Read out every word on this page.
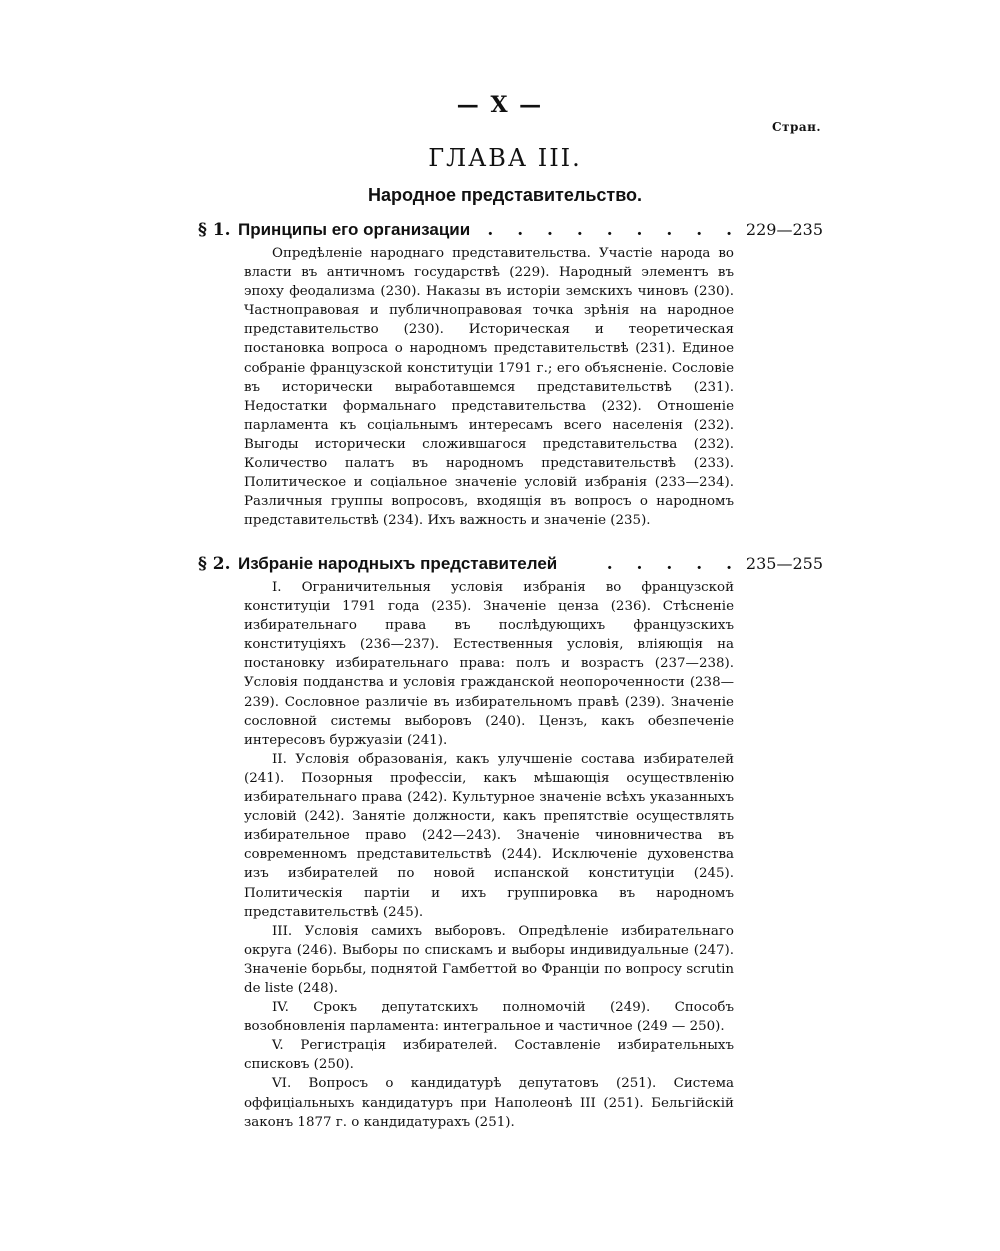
— X —
Стран.
ГЛАВА III.
Народное представительство.
§ 1. Принципы его организации . . . . . . . . . 229—235

Опредѣленіе народнаго представительства. Участіе народа во власти въ античномъ государствѣ (229). Народный элементъ въ эпоху феодализма (230). Наказы въ исторіи земскихъ чиновъ (230). Частноправовая и публичноправовая точка зрѣнія на народное представительство (230). Историческая и теоретическая постановка вопроса о народномъ представительствѣ (231). Единое собраніе французской конституціи 1791 г.; его объясненіе. Сословіе въ исторически выработавшемся представительствѣ (231). Недостатки формальнаго представительства (232). Отношеніе парламента къ соціальнымъ интересамъ всего населенія (232). Выгоды исторически сложившагося представительства (232). Количество палатъ въ народномъ представительствѣ (233). Политическое и соціальное значеніе условій избранія (233—234). Различныя группы вопросовъ, входящія въ вопросъ о народномъ представительствѣ (234). Ихъ важность и значеніе (235).

§ 2. Избраніе народныхъ представителей	. . . . . 235—255

I. Ограничительныя условія избранія во французской конституціи 1791 года (235). Значеніе ценза (236). Стѣсненіе избирательнаго права въ послѣдующихъ французскихъ конституціяхъ (236—237). Естественныя условія, вліяющія на постановку избирательнаго права: полъ и возрастъ (237—238). Условія подданства и условія гражданской неопороченности (238—239). Сословное различіе въ избирательномъ правѣ (239). Значеніе сословной системы выборовъ (240). Цензъ, какъ обезпеченіе интересовъ буржуазіи (241).

II. Условія образованія, какъ улучшеніе состава избирателей (241). Позорныя профессіи, какъ мѣшающія осуществленію избирательнаго права (242). Культурное значеніе всѣхъ указанныхъ условій (242). Занятіе должности, какъ препятствіе осуществлять избирательное право (242—243). Значеніе чиновничества въ современномъ представительствѣ (244). Исключеніе духовенства изъ избирателей по новой испанской конституціи (245). Политическія партіи и ихъ группировка въ народномъ представительствѣ (245).

III. Условія самихъ выборовъ. Опредѣленіе избирательнаго округа (246). Выборы по спискамъ и выборы индивидуальные (247). Значеніе борьбы, поднятой Гамбеттой во Франціи по вопросу scrutin de liste (248).

IV. Срокъ депутатскихъ полномочій (249). Способъ возобновленія парламента: интегральное и частичное (249 — 250).

V. Регистрація избирателей. Составленіе избирательныхъ списковъ (250).

VI. Вопросъ о кандидатурѣ депутатовъ (251). Система оффиціальныхъ кандидатуръ при Наполеонѣ III (251). Бельгійскій законъ 1877 г. о кандидатурахъ (251).
